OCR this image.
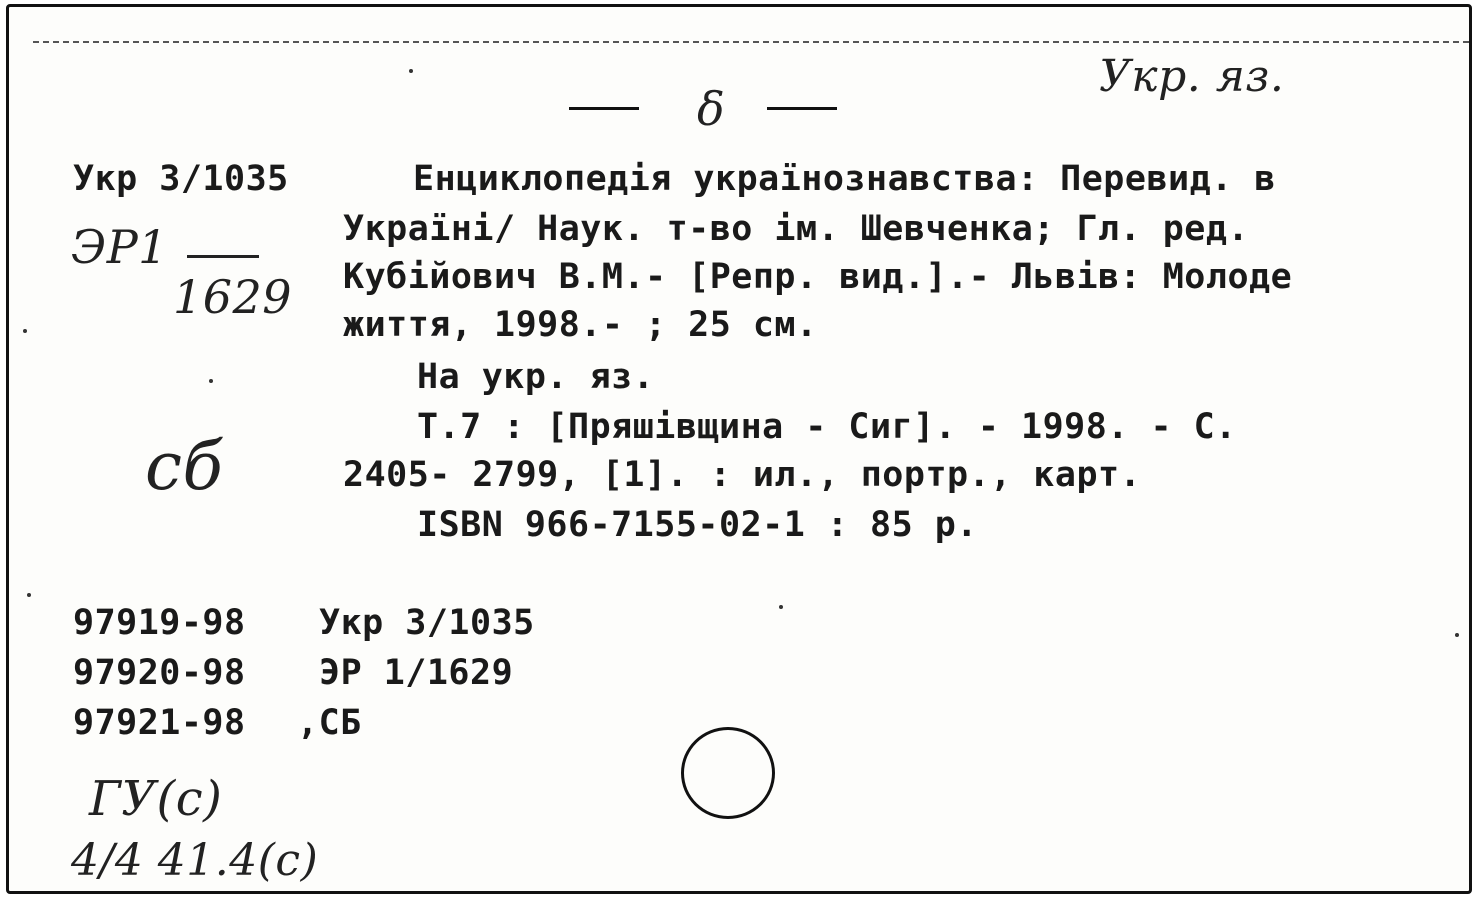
Укр. яз.
δ
Укр 3/1035
ЭР1
1629
сб
Енциклопедія українознавства: Перевид. в
Україні/ Наук. т-во ім. Шевченка; Гл. ред.
Кубійович В.М.- [Репр. вид.].- Львів: Молоде
життя, 1998.- ; 25 см.
На укр. яз.
Т.7 : [Пряшівщина - Сиг]. - 1998. - С.
2405- 2799, [1]. : ил., портр., карт.
ISBN 966-7155-02-1 : 85 р.
97919-98 Укр 3/1035
97920-98 ЭР 1/1629
97921-98 ,СБ
ГУ(с)
4/4 41.4(с)
